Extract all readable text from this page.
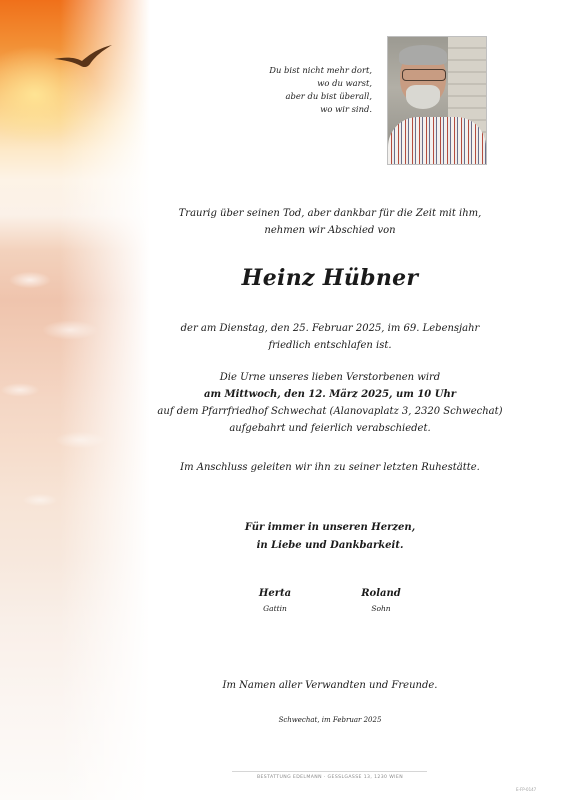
Du bist nicht mehr dort,
wo du warst,
aber du bist überall,
wo wir sind.
Traurig über seinen Tod, aber dankbar für die Zeit mit ihm,
nehmen wir Abschied von
Heinz Hübner
der am Dienstag, den 25. Februar 2025, im 69. Lebensjahr
friedlich entschlafen ist.
Die Urne unseres lieben Verstorbenen wird
am Mittwoch, den 12. März 2025, um 10 Uhr
auf dem Pfarrfriedhof Schwechat (Alanovaplatz 3, 2320 Schwechat)
aufgebahrt und feierlich verabschiedet.
Im Anschluss geleiten wir ihn zu seiner letzten Ruhestätte.
Für immer in unseren Herzen,
in Liebe und Dankbarkeit.
Herta
Gattin
Roland
Sohn
Im Namen aller Verwandten und Freunde.
Schwechat, im Februar 2025
BESTATTUNG EDELMANN · GESSLGASSE 13, 1230 WIEN
E-FP-0147
